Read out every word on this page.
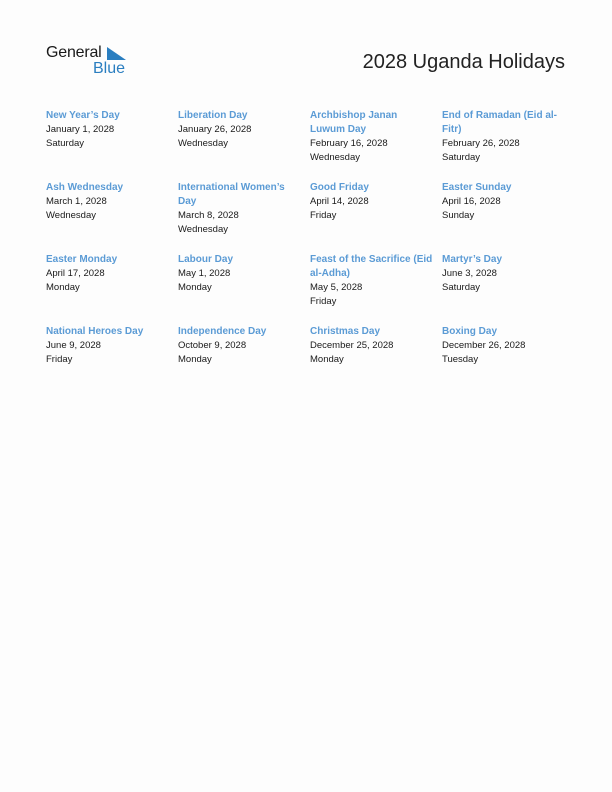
General
Blue	2028 Uganda Holidays
New Year’s Day
January 1, 2028
Saturday
Liberation Day
January 26, 2028
Wednesday
Archbishop Janan Luwum Day
February 16, 2028
Wednesday
End of Ramadan (Eid al-Fitr)
February 26, 2028
Saturday
Ash Wednesday
March 1, 2028
Wednesday
International Women’s Day
March 8, 2028
Wednesday
Good Friday
April 14, 2028
Friday
Easter Sunday
April 16, 2028
Sunday
Easter Monday
April 17, 2028
Monday
Labour Day
May 1, 2028
Monday
Feast of the Sacrifice (Eid al-Adha)
May 5, 2028
Friday
Martyr’s Day
June 3, 2028
Saturday
National Heroes Day
June 9, 2028
Friday
Independence Day
October 9, 2028
Monday
Christmas Day
December 25, 2028
Monday
Boxing Day
December 26, 2028
Tuesday
